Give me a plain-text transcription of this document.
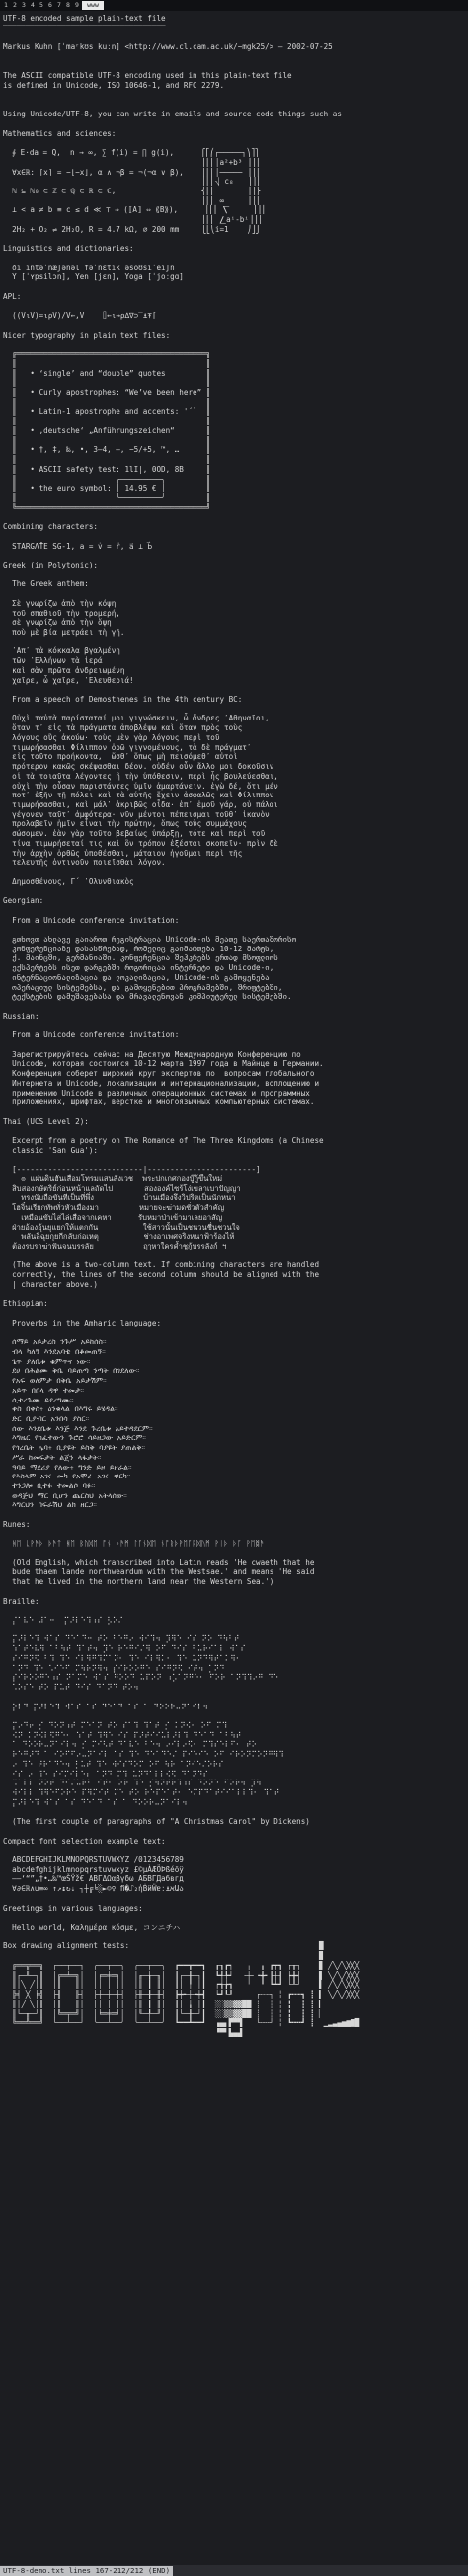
1 2 3 4 5 6 7 8 9	www
UTF-8 encoded sample plain-text file
‾‾‾‾‾‾‾‾‾‾‾‾‾‾‾‾‾‾‾‾‾‾‾‾‾‾‾‾‾‾‾‾‾‾‾‾
Markus Kuhn [ˈmaʳkʊs kuːn] <http://www.cl.cam.ac.uk/~mgk25/> — 2002-07-25
The ASCII compatible UTF-8 encoding used in this plain-text file
is defined in Unicode, ISO 10646-1, and RFC 2279.
Using Unicode/UTF-8, you can write in emails and source code things such as
Mathematics and sciences:
∮ E⋅da = Q,  n → ∞, ∑ f(i) = ∏ g(i),      ⎧⎡⎛┌─────┐⎞⎤⎫
⎪⎢⎜│a²+b³ ⎟⎥⎪
∀x∈ℝ: ⌈x⌉ = −⌊−x⌋, α ∧ ¬β = ¬(¬α ∨ β),    ⎪⎢⎜│───── ⎟⎥⎪
⎪⎢⎜⎷ c₈   ⎟⎥⎪
ℕ ⊆ ℕ₀ ⊂ ℤ ⊂ ℚ ⊂ ℝ ⊂ ℂ,                   ⎨⎢⎜       ⎟⎥⎬
⎪⎢⎜ ∞     ⎟⎥⎪
⊥ < a ≠ b ≡ c ≤ d ≪ ⊤ ⇒ (⟦A⟧ ⇔ ⟪B⟫),      ⎪⎢⎜ ⎲     ⎟⎥⎪
⎪⎢⎜ ⎳aⁱ-bⁱ⎟⎥⎪
2H₂ + O₂ ⇌ 2H₂O, R = 4.7 kΩ, ⌀ 200 mm     ⎩⎣⎝i=1    ⎠⎦⎭
Linguistics and dictionaries:
ði ıntəˈnæʃənəl fəˈnɛtık əsoʊsiˈeıʃn
Y [ˈʏpsilɔn], Yen [jɛn], Yoga [ˈjoːgɑ]
APL:
((V⍳V)=⍳⍴V)/V←,V    ⌷←⍳→⍴∆∇⊃‾⍎⍕⌈
Nicer typography in plain text files:
╔══════════════════════════════════════════╗
║                                          ║
║   • ‘single’ and “double” quotes         ║
║                                          ║
║   • Curly apostrophes: “We’ve been here” ║
║                                          ║
║   • Latin-1 apostrophe and accents: '´`  ║
║                                          ║
║   • ‚deutsche‘ „Anführungszeichen“       ║
║                                          ║
║   • †, ‡, ‰, •, 3–4, —, −5/+5, ™, …      ║
║                                          ║
║   • ASCII safety test: 1lI|, 0OD, 8B     ║
║                      ╭─────────╮         ║
║   • the euro symbol: │ 14.95 € │         ║
║                      ╰─────────╯         ║
╚══════════════════════════════════════════╝
Combining characters:
STARGΛ̊TE SG-1, a = v̇ = r̈, a⃑ ⊥ b⃑
Greek (in Polytonic):
The Greek anthem:
Σὲ γνωρίζω ἀπὸ τὴν κόψη
τοῦ σπαθιοῦ τὴν τρομερή,
σὲ γνωρίζω ἀπὸ τὴν ὄψη
ποὺ μὲ βία μετράει τὴ γῆ.
᾿Απ᾿ τὰ κόκκαλα βγαλμένη
τῶν ῾Ελλήνων τὰ ἱερά
καὶ σὰν πρῶτα ἀνδρειωμένη
χαῖρε, ὦ χαῖρε, ᾿Ελευθεριά!
From a speech of Demosthenes in the 4th century BC:
Οὐχὶ ταὐτὰ παρίσταταί μοι γιγνώσκειν, ὦ ἄνδρες ᾿Αθηναῖοι,
ὅταν τ᾿ εἰς τὰ πράγματα ἀποβλέψω καὶ ὅταν πρὸς τοὺς
λόγους οὓς ἀκούω· τοὺς μὲν γὰρ λόγους περὶ τοῦ
τιμωρήσασθαι Φίλιππον ὁρῶ γιγνομένους, τὰ δὲ πράγματ᾿
εἰς τοῦτο προήκοντα,  ὥσθ᾿ ὅπως μὴ πεισόμεθ᾿ αὐτοὶ
πρότερον κακῶς σκέψασθαι δέον. οὐδέν οὖν ἄλλο μοι δοκοῦσιν
οἱ τὰ τοιαῦτα λέγοντες ἢ τὴν ὑπόθεσιν, περὶ ἧς βουλεύεσθαι,
οὐχὶ τὴν οὖσαν παριστάντες ὑμῖν ἁμαρτάνειν. ἐγὼ δέ, ὅτι μέν
ποτ᾿ ἐξῆν τῇ πόλει καὶ τὰ αὑτῆς ἔχειν ἀσφαλῶς καὶ Φίλιππον
τιμωρήσασθαι, καὶ μάλ᾿ ἀκριβῶς οἶδα· ἐπ᾿ ἐμοῦ γάρ, οὐ πάλαι
γέγονεν ταῦτ᾿ ἀμφότερα· νῦν μέντοι πέπεισμαι τοῦθ᾿ ἱκανὸν
προλαβεῖν ἡμῖν εἶναι τὴν πρώτην, ὅπως τοὺς συμμάχους
σώσομεν. ἐὰν γὰρ τοῦτο βεβαίως ὑπάρξῃ, τότε καὶ περὶ τοῦ
τίνα τιμωρήσεταί τις καὶ ὃν τρόπον ἐξέσται σκοπεῖν· πρὶν δὲ
τὴν ἀρχὴν ὀρθῶς ὑποθέσθαι, μάταιον ἡγοῦμαι περὶ τῆς
τελευτῆς ὁντινοῦν ποιεῖσθαι λόγον.
Δημοσθένους, Γ´ ᾿Ολυνθιακὸς
Georgian:
From a Unicode conference invitation:
გთხოვთ ახლავე გაიაროთ რეგისტრაცია Unicode-ის მეათე საერთაშორისო
კონფერენციაზე დასასწრებად, რომელიც გაიმართება 10-12 მარტს,
ქ. მაინცში, გერმანიაში. კონფერენცია შეჰკრებს ერთად მსოფლიოს
ექსპერტებს ისეთ დარგებში როგორიცაა ინტერნეტი და Unicode-ი,
ინტერნაციონალიზაცია და ლოკალიზაცია, Unicode-ის გამოყენება
ოპერაციულ სისტემებსა, და გამოყენებით პროგრამებში, შრიფტებში,
ტექსტების დამუშავებასა და მრავალენოვან კომპიუტერულ სისტემებში.
Russian:
From a Unicode conference invitation:
Зарегистрируйтесь сейчас на Десятую Международную Конференцию по
Unicode, которая состоится 10-12 марта 1997 года в Майнце в Германии.
Конференция соберет широкий круг экспертов по  вопросам глобального
Интернета и Unicode, локализации и интернационализации, воплощению и
применению Unicode в различных операционных системах и программных
приложениях, шрифтах, верстке и многоязычных компьютерных системах.
Thai (UCS Level 2):
Excerpt from a poetry on The Romance of The Three Kingdoms (a Chinese
classic 'San Gua'):
[----------------------------|------------------------]
๏ แผ่นดินฮั่นเสื่อมโทรมแสนสังเวช  พระปกเกศกองบู๊กู้ขึ้นใหม่
สิบสองกษัตริย์ก่อนหน้าแลถัดไป       สององค์ไซร้โง่เขลาเบาปัญญา
ทรงนับถือขันทีเป็นที่พึ่ง           บ้านเมืองจึงวิปริตเป็นนักหนา
โฮจิ๋นเรียกทัพทั่วหัวเมืองมา         หมายจะฆ่ามดชั่วตัวสำคัญ
เหมือนขับไสไล่เสือจากเคหา      รับหมาป่าเข้ามาเลยอาสัญ
ฝ่ายอ้องอุ้นยุแยกให้แตกกัน          ใช้สาวนั้นเป็นชนวนชื่นชวนใจ
พลันลิฉุยกุยกีกลับก่อเหตุ          ช่างอาเพศจริงหนาฟ้าร้องไห้
ต้องรบราฆ่าฟันจนบรรลัย           ฤๅหาใครค้ำชูกู้บรรลังก์ ฯ
(The above is a two-column text. If combining characters are handled
correctly, the lines of the second column should be aligned with the
| character above.)
Ethiopian:
Proverbs in the Amharic language:
ሰማይ አይታረስ ንጉሥ አይከሰስ።
ብላ ካለኝ እንደአባቴ በቆመጠኝ።
ጌጥ ያለቤቱ ቁምጥና ነው።
ደሀ በሕልሙ ቅቤ ባይጠጣ ንጣት በገደለው።
የአፍ ወለምታ በቅቤ አይታሽም።
አይጥ በበላ ዳዋ ተመታ።
ሲተረጉሙ ይደረግሙ።
ቀስ በቀስ፥ ዕንቁላል በእግሩ ይሄዳል።
ድር ቢያብር አንበሳ ያስር።
ሰው እንደቤቱ እንጅ እንደ ጉረቤቱ አይተዳደርም።
እግዜር የከፈተውን ጉሮሮ ሳይዘጋው አይድርም።
የጎረቤት ሌባ፥ ቢያዩት ይስቅ ባያዩት ያጠልቅ።
ሥራ ከመፍታት ልጄን ላፋታት።
ዓባይ ማደሪያ የለው፥ ግንድ ይዞ ይዞራል።
የእስላም አገሩ መካ የአሞራ አገሩ ዋርካ።
ተንጋሎ ቢተፉ ተመልሶ ባፉ።
ወዳጅህ ማር ቢሆን ጨርስህ አትላሰው።
እግርህን በፍራሽህ ልክ ዘርጋ።
Runes:
ᚻᛖ ᚳᚹᚫᚦ ᚦᚫᛏ ᚻᛖ ᛒᚢᛞᛖ ᚩᚾ ᚦᚫᛗ ᛚᚪᚾᛞᛖ ᚾᚩᚱᚦᚹᛖᚪᚱᛞᚢᛗ ᚹᛁᚦ ᚦᚪ ᚹᛖᛥᚫ
(Old English, which transcribed into Latin reads 'He cwaeth that he
bude thaem lande northweardum with the Westsae.' and means 'He said
that he lived in the northern land near the Western Sea.')
Braille:
⡌⠁⠧⠑ ⠼⠁⠒  ⡍⠜⠇⠑⠹⠰⠎ ⡣⠕⠌
⡍⠜⠇⠑⠹ ⠺⠁⠎ ⠙⠑⠁⠙⠒ ⠞⠕ ⠃⠑⠛⠔ ⠺⠊⠹⠲ ⡹⠻⠑ ⠊⠎ ⠝⠕ ⠙⠳⠃⠞
⠱⠁⠞⠑⠧⠻ ⠁⠃⠳⠞ ⠹⠁⠞⠲ ⡹⠑ ⠗⠑⠛⠊⠌⠻ ⠕⠋ ⠙⠊⠎ ⠃⠥⠗⠊⠁⠇ ⠺⠁⠎
⠎⠊⠛⠝⠫ ⠃⠹ ⠹⠑ ⠊⠇⠻⠛⠹⠍⠁⠝⠂ ⠹⠑ ⠊⠇⠻⠅⠂ ⠹⠑ ⠥⠝⠙⠻⠞⠁⠅⠻⠂
⠁⠝⠙ ⠹⠑ ⠡⠊⠑⠋ ⠍⠳⠗⠝⠻⠲ ⡎⠊⠗⠕⠕⠛⠑ ⠎⠊⠛⠝⠫ ⠊⠞⠲ ⡁⠝⠙
⡎⠊⠗⠕⠕⠛⠑⠰⠎ ⠝⠁⠍⠑ ⠺⠁⠎ ⠛⠕⠕⠙ ⠥⠏⠕⠝ ⠰⡡⠁⠝⠛⠑⠂ ⠋⠕⠗ ⠁⠝⠹⠹⠔⠛ ⠙⠑
⠡⠕⠎⠑ ⠞⠕ ⠏⠥⠞ ⠙⠊⠎ ⠙⠁⠝⠙ ⠞⠕⠲
⡕⠇⠙ ⡍⠜⠇⠑⠹ ⠺⠁⠎ ⠁⠎ ⠙⠑⠁⠙ ⠁⠎ ⠁ ⠙⠕⠕⠗⠤⠝⠁⠊⠇⠲
⡍⠔⠙⠖ ⡊ ⠙⠕⠝⠰⠞ ⠍⠑⠁⠝ ⠞⠕ ⠎⠁⠹ ⠹⠁⠞ ⡊ ⠅⠝⠪⠂ ⠕⠋ ⠍⠹
⠪⠝ ⠅⠝⠪⠇⠫⠛⠑⠂ ⠱⠁⠞ ⠹⠻⠑ ⠊⠎ ⠏⠜⠞⠊⠊⠥⠇⠜⠇⠹ ⠙⠑⠁⠙ ⠁⠃⠳⠞
⠁ ⠙⠕⠕⠗⠤⠝⠁⠊⠇⠲ ⡊ ⠍⠊⠣⠞ ⠙⠁⠧⠑ ⠃⠑⠲ ⠔⠊⠇⠔⠫⠂ ⠍⠹⠎⠑⠇⠋⠂ ⠞⠕
⠗⠑⠛⠜⠙ ⠁ ⠊⠕⠋⠋⠔⠤⠝⠁⠊⠇ ⠁⠎ ⠹⠑ ⠙⠑⠁⠙⠑⠌ ⠏⠊⠑⠊⠑ ⠕⠋ ⠊⠗⠕⠝⠍⠕⠝⠛⠻⠹
⠔ ⠹⠑ ⠞⠗⠁⠙⠑⠲ ⡃⠥⠞ ⠹⠑ ⠺⠊⠎⠙⠕⠍ ⠕⠋ ⠳⠗ ⠁⠝⠊⠑⠌⠕⠗⠎
⠊⠎ ⠔ ⠹⠑ ⠎⠊⠍⠊⠇⠑⠆ ⠁⠝⠙ ⠍⠹ ⠥⠝⠙⠁⠇⠇⠪⠫ ⠙⠁⠝⠙⠎
⠩⠁⠇⠇ ⠝⠕⠞ ⠙⠊⠌⠥⠗⠃ ⠊⠞⠂ ⠕⠗ ⠹⠑ ⡊⠳⠝⠞⠗⠹⠰⠎ ⠙⠕⠝⠑ ⠋⠕⠗⠲ ⡹⠳
⠺⠊⠇⠇ ⠹⠻⠑⠋⠕⠗⠑ ⠏⠻⠍⠊⠞ ⠍⠑ ⠞⠕ ⠗⠑⠏⠑⠁⠞⠂ ⠑⠍⠏⠙⠁⠞⠊⠊⠁⠇⠇⠹⠂ ⠹⠁⠞
⡍⠜⠇⠑⠹ ⠺⠁⠎ ⠁⠎ ⠙⠑⠁⠙ ⠁⠎ ⠁ ⠙⠕⠕⠗⠤⠝⠁⠊⠇⠲
(The first couple of paragraphs of "A Christmas Carol" by Dickens)
Compact font selection example text:
ABCDEFGHIJKLMNOPQRSTUVWXYZ /0123456789
abcdefghijklmnopqrstuvwxyz £©µÀÆÖÞßéöÿ
–—‘“”„†•…‰™œŠŸž€ ΑΒΓΔΩαβγδω АБВГДабвгд
∀∂∈ℝ∧∪≡∞ ↑↗↨↻⇣ ┐┼╔╘░►☺♀ ﬁ�⑀₂ἠḂӥẄɐː⍎אԱა
Greetings in various languages:
Hello world, Καλημέρα κόσμε, コンニチハ
Box drawing alignment tests:                                          █
▉
╔══╦══╗  ┌──┬──┐  ╭──┬──╮  ╭──┬──╮  ┏━━┳━━┓  ┎┒┏┑   ╷  ╻ ┏┯┓ ┌┰┐    ▊ ╱╲╱╲╳╳╳
║┌─╨─┐║  │╔═╧═╗│  │╒═╪═╕│  │╓─╁─╖│  ┃┌─╂─┐┃  ┗╃╄┙  ╶┼╴╺╋╸┠┼┨ ┝╋┥    ▋ ╲╱╲╱╳╳╳
║│╲ ╱│║  │║   ║│  ││ │ ││  │║ ┃ ║│  ┃│ ╿ │┃  ┍╅╆┓   ╵  ╹ ┗┷┛ └┸┘    ▌ ╱╲╱╲╳╳╳
╠╡ ╳ ╞╣  ├╢   ╟┤  ├┼─┼─┼┤  ├╫─╂─╫┤  ┣┿╾┼╼┿┫  ┕┛┖┚     ┌┄┄┐ ╎ ┏┅┅┓ ┋ ▍ ╲╱╲╱╳╳╳
║│╱ ╲│║  │║   ║│  ││ │ ││  │║ ┃ ║│  ┃│ ╽ │┃  ░░▒▒▓▓██ ┊  ┆ ╎ ╏  ┇ ┋ ▎
║└─╥─┘║  │╚═╤═╝│  │╘═╪═╛│  │╙─╀─╜│  ┃└─╂─┘┃  ░░▒▒▓▓██ ┊  ┆ ╎ ╏  ┇ ┋ ▏
╚══╩══╝  └──┴──┘  ╰──┴──╯  ╰──┴──╯  ┗━━┻━━┛  ▗▄▖▛▀▜   └╌╌┘ ╎ ┗╍╍┛ ┋  ▁▂▃▄▅▆▇█
▝▀▘▙▄▟
UTF-8-demo.txt lines 167-212/212 (END)
